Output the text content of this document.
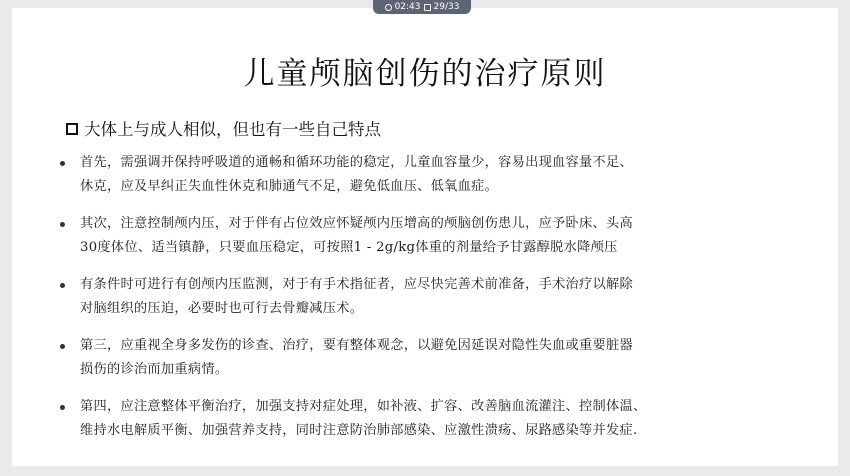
02:43 29/33
儿童颅脑创伤的治疗原则
大体上与成人相似，但也有一些自己特点
首先，需强调并保持呼吸道的通畅和循环功能的稳定，儿童血容量少，容易出现血容量不足、
休克，应及早纠正失血性休克和肺通气不足，避免低血压、低氧血症。
其次，注意控制颅内压，对于伴有占位效应怀疑颅内压增高的颅脑创伤患儿，应予卧床、头高
30度体位、适当镇静，只要血压稳定，可按照1 - 2g/kg体重的剂量给予甘露醇脱水降颅压
有条件时可进行有创颅内压监测，对于有手术指征者，应尽快完善术前准备，手术治疗以解除
对脑组织的压迫，必要时也可行去骨瓣减压术。
第三，应重视全身多发伤的诊查、治疗，要有整体观念，以避免因延误对隐性失血或重要脏器
损伤的诊治而加重病情。
第四，应注意整体平衡治疗，加强支持对症处理，如补液、扩容、改善脑血流灌注、控制体温、
维持水电解质平衡、加强营养支持，同时注意防治肺部感染、应激性溃疡、尿路感染等并发症.
